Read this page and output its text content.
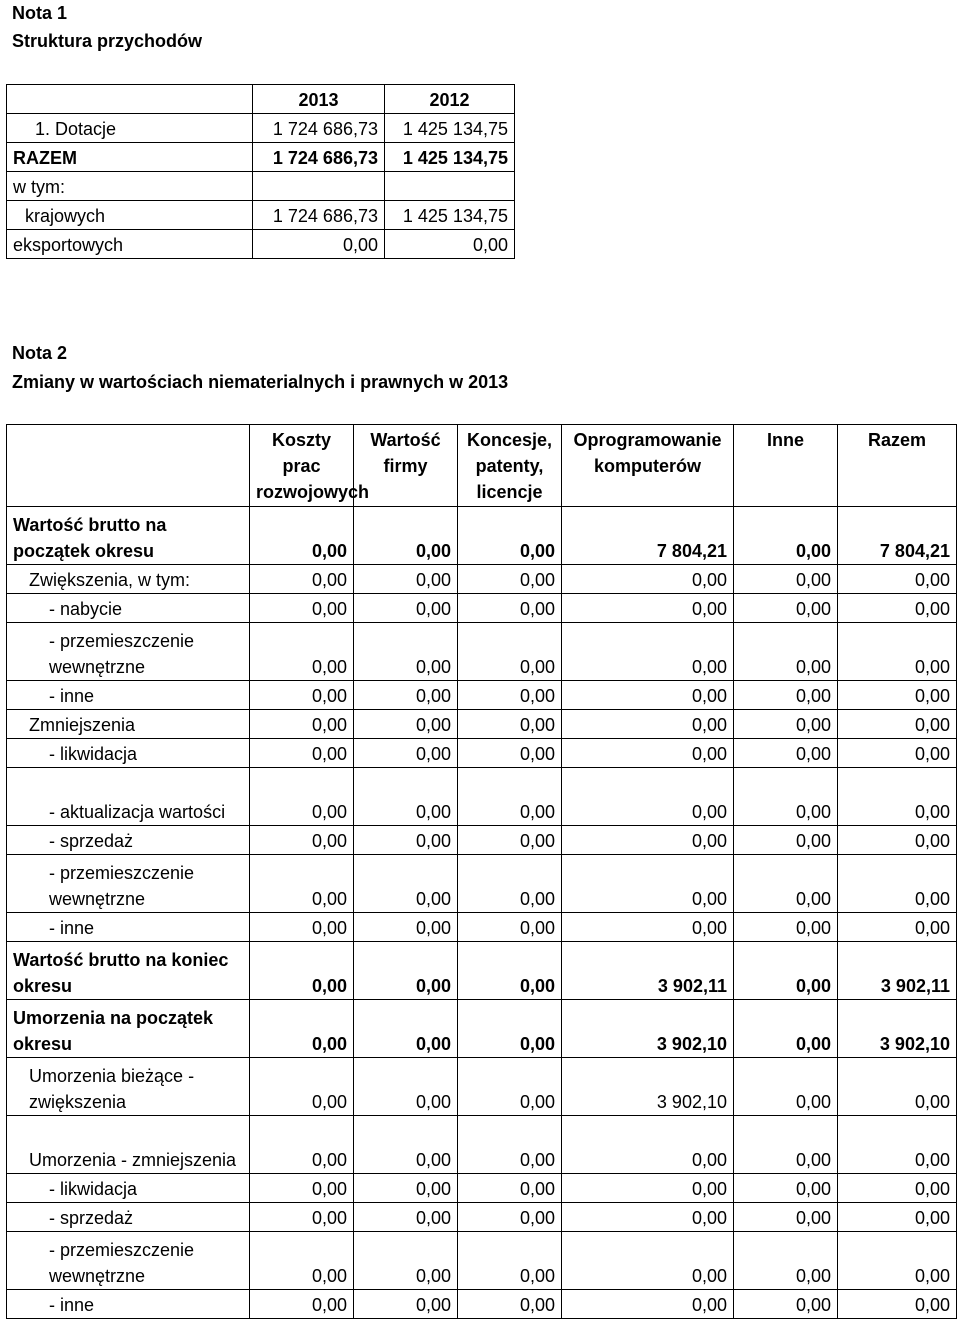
Nota 1
Struktura przychodów
	2013	2012
1. Dotacje	1 724 686,73	1 425 134,75
RAZEM	1 724 686,73	1 425 134,75
w tym:		
krajowych	1 724 686,73	1 425 134,75
eksportowych	0,00	0,00
Nota 2
Zmiany w wartościach niematerialnych i prawnych w 2013
	Koszty prac rozwojowych	Wartość firmy	Koncesje, patenty, licencje	Oprogramowanie komputerów	Inne	Razem
Wartość brutto na początek okresu	0,00	0,00	0,00	7 804,21	0,00	7 804,21
Zwiększenia, w tym:	0,00	0,00	0,00	0,00	0,00	0,00
- nabycie	0,00	0,00	0,00	0,00	0,00	0,00
- przemieszczenie wewnętrzne	0,00	0,00	0,00	0,00	0,00	0,00
- inne	0,00	0,00	0,00	0,00	0,00	0,00
Zmniejszenia	0,00	0,00	0,00	0,00	0,00	0,00
- likwidacja	0,00	0,00	0,00	0,00	0,00	0,00
- aktualizacja wartości	0,00	0,00	0,00	0,00	0,00	0,00
- sprzedaż	0,00	0,00	0,00	0,00	0,00	0,00
- przemieszczenie wewnętrzne	0,00	0,00	0,00	0,00	0,00	0,00
- inne	0,00	0,00	0,00	0,00	0,00	0,00
Wartość brutto na koniec okresu	0,00	0,00	0,00	3 902,11	0,00	3 902,11
Umorzenia na początek okresu	0,00	0,00	0,00	3 902,10	0,00	3 902,10
Umorzenia bieżące - zwiększenia	0,00	0,00	0,00	3 902,10	0,00	0,00
Umorzenia - zmniejszenia	0,00	0,00	0,00	0,00	0,00	0,00
- likwidacja	0,00	0,00	0,00	0,00	0,00	0,00
- sprzedaż	0,00	0,00	0,00	0,00	0,00	0,00
- przemieszczenie wewnętrzne	0,00	0,00	0,00	0,00	0,00	0,00
- inne	0,00	0,00	0,00	0,00	0,00	0,00
